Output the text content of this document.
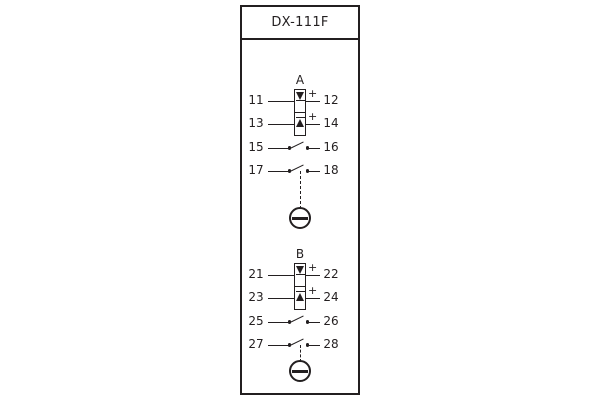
DX-111F
A
11	+ 12
13	+ 14
15	16
17	18
B
21	+ 22
23	+ 24
25	26
27	28
